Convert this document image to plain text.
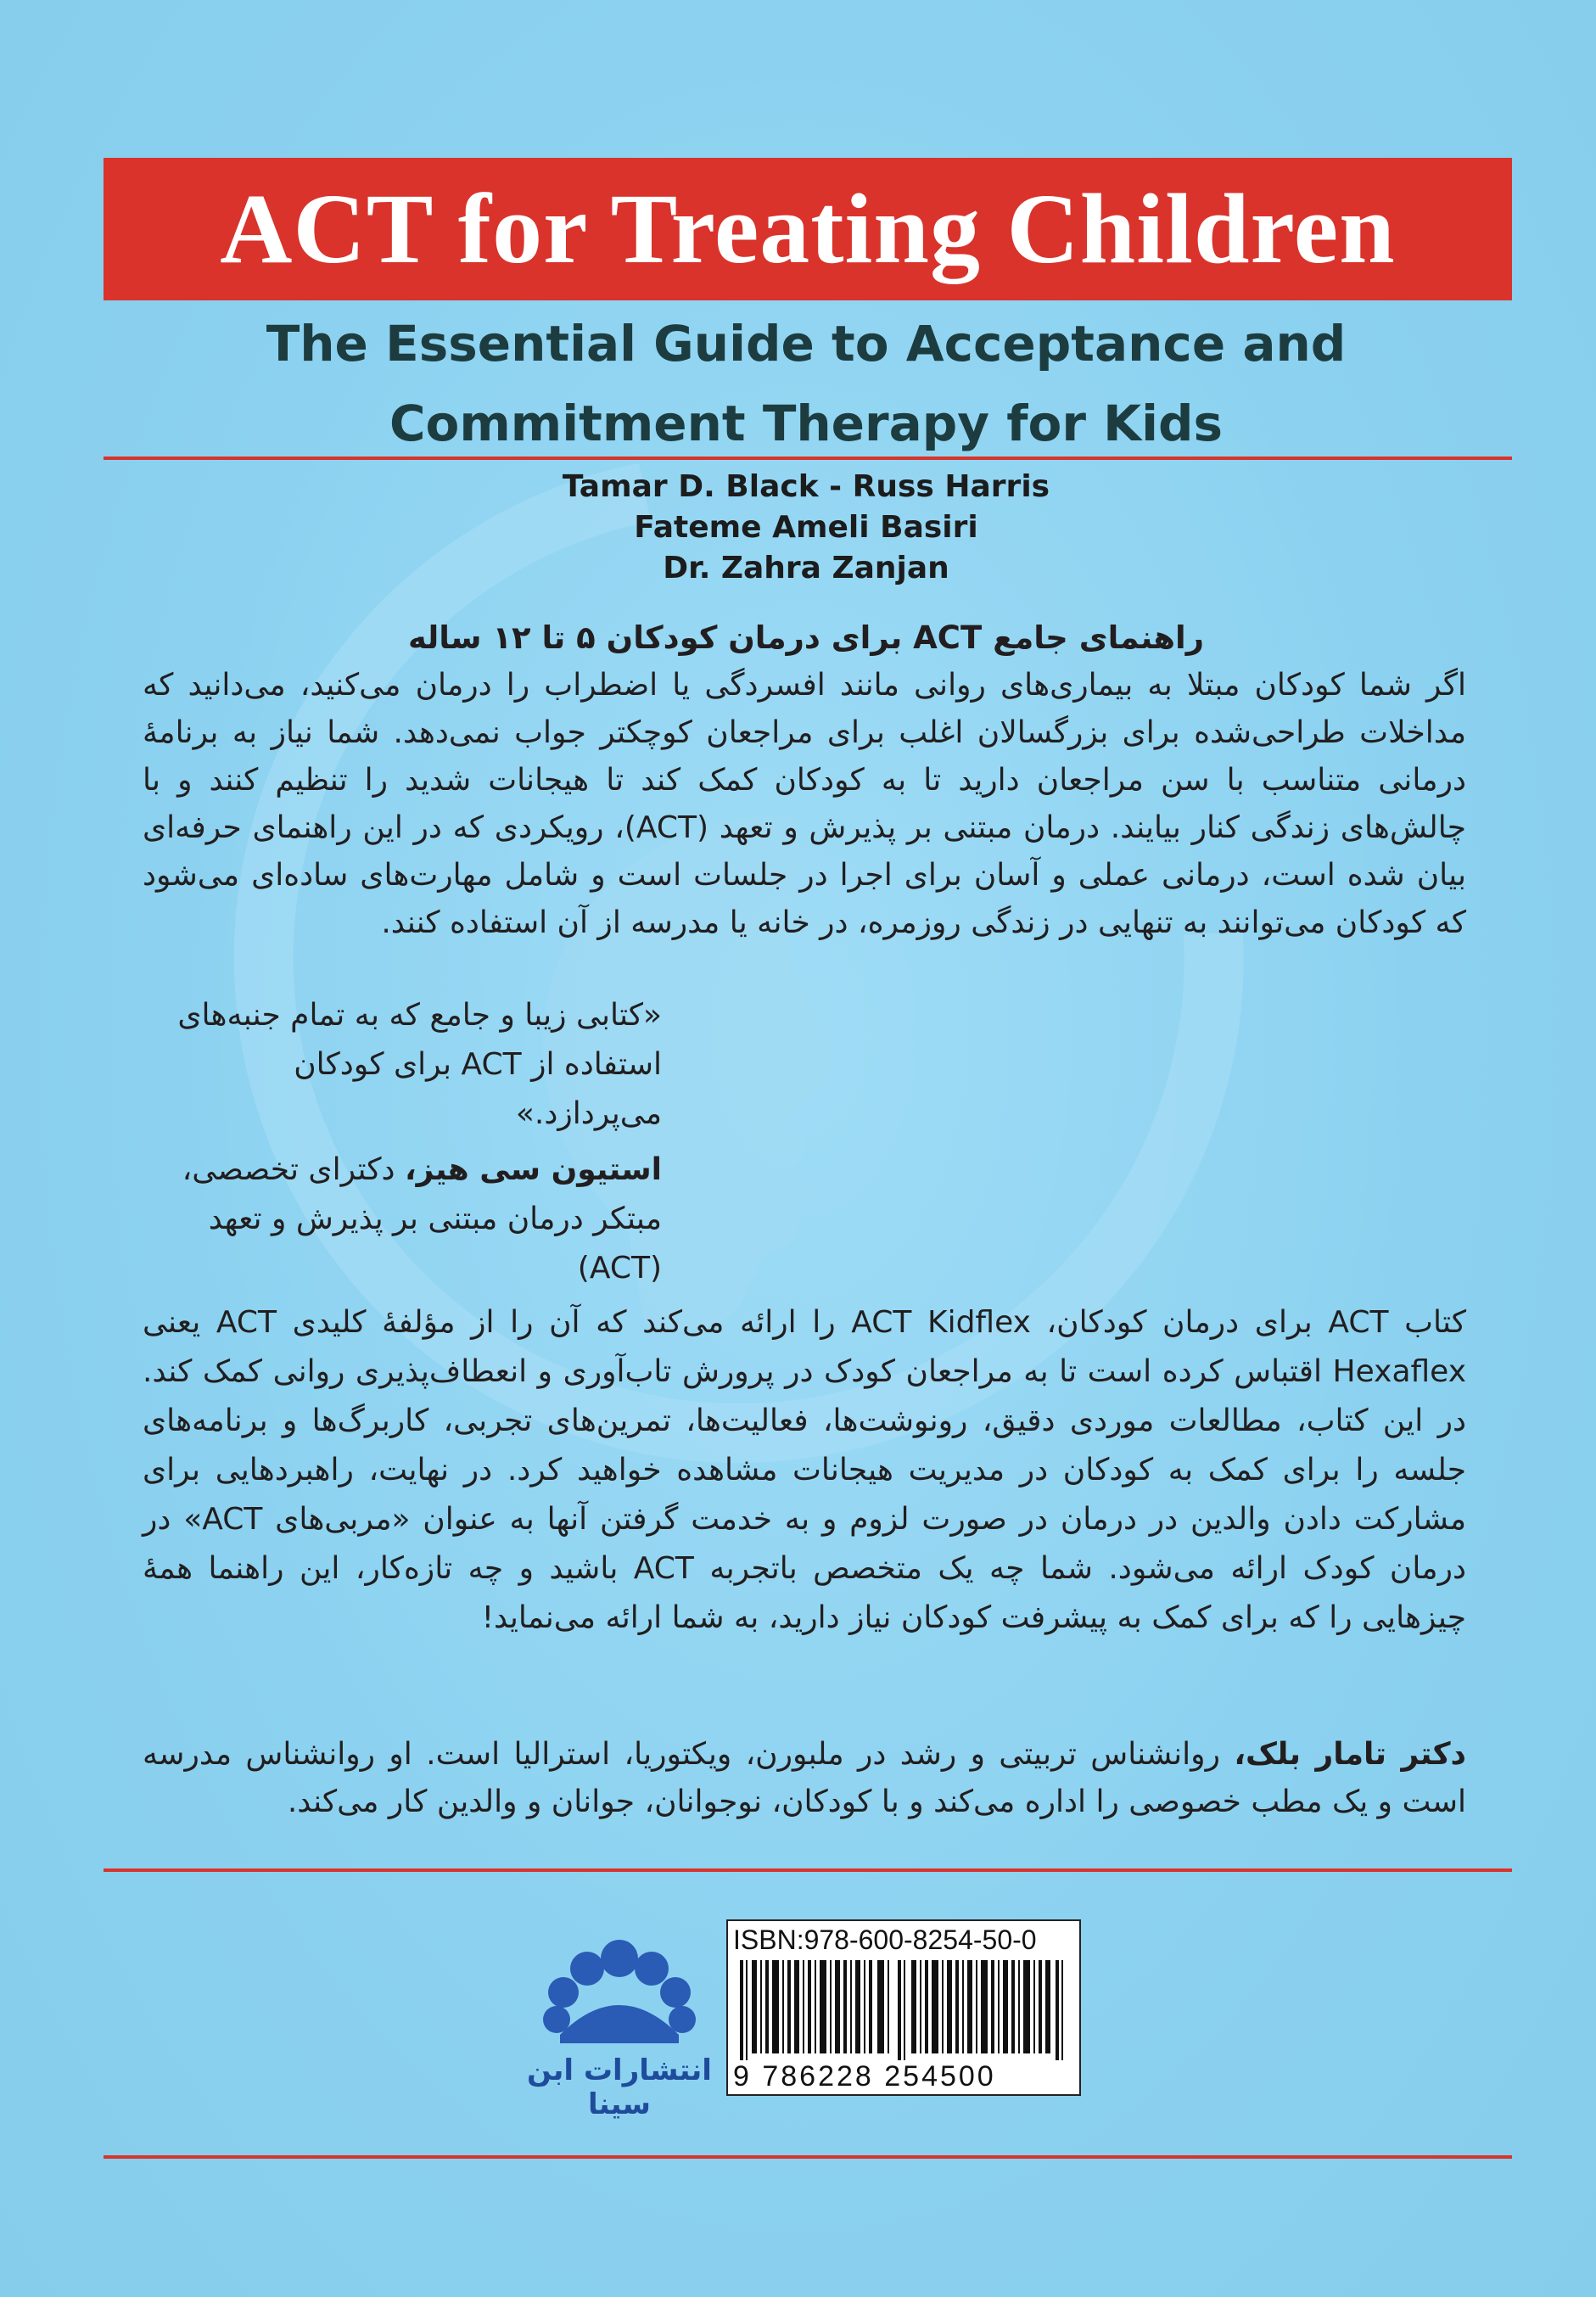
ACT for Treating Children
The Essential Guide to Acceptance and
Commitment Therapy for Kids
Tamar D. Black - Russ Harris
Fateme Ameli Basiri
Dr. Zahra Zanjan
راهنمای جامع ACT برای درمان کودکان ۵ تا ۱۲ ساله
اگر شما کودکان مبتلا به بیماری‌های روانی مانند افسردگی یا اضطراب را درمان می‌کنید، می‌دانید که مداخلات طراحی‌شده برای بزرگسالان اغلب برای مراجعان کوچکتر جواب نمی‌دهد. شما نیاز به برنامهٔ درمانی متناسب با سن مراجعان دارید تا به کودکان کمک کند تا هیجانات شدید را تنظیم کنند و با چالش‌های زندگی کنار بیایند. درمان مبتنی بر پذیرش و تعهد (ACT)، رویکردی که در این راهنمای حرفه‌ای بیان شده است، درمانی عملی و آسان برای اجرا در جلسات است و شامل مهارت‌های ساده‌ای می‌شود که کودکان می‌توانند به تنهایی در زندگی روزمره، در خانه یا مدرسه از آن استفاده کنند.
«کتابی زیبا و جامع که به تمام جنبه‌های استفاده از ACT برای کودکان می‌پردازد.»
استیون سی هیز، دکترای تخصصی، مبتکر درمان مبتنی بر پذیرش و تعهد (ACT)
کتاب ACT برای درمان کودکان، ACT Kidflex را ارائه می‌کند که آن را از مؤلفهٔ کلیدی ACT یعنی Hexaflex اقتباس کرده است تا به مراجعان کودک در پرورش تاب‌آوری و انعطاف‌پذیری روانی کمک کند. در این کتاب، مطالعات موردی دقیق، رونوشت‌ها، فعالیت‌ها، تمرین‌های تجربی، کاربرگ‌ها و برنامه‌های جلسه را برای کمک به کودکان در مدیریت هیجانات مشاهده خواهید کرد. در نهایت، راهبردهایی برای مشارکت دادن والدین در درمان در صورت لزوم و به خدمت گرفتن آنها به عنوان «مربی‌های ACT» در درمان کودک ارائه می‌شود. شما چه یک متخصص باتجربه ACT باشید و چه تازه‌کار، این راهنما همهٔ چیزهایی را که برای کمک به پیشرفت کودکان نیاز دارید، به شما ارائه می‌نماید!
دکتر تامار بلک، روانشناس تربیتی و رشد در ملبورن، ویکتوریا، استرالیا است. او روانشناس مدرسه است و یک مطب خصوصی را اداره می‌کند و با کودکان، نوجوانان، جوانان و والدین کار می‌کند.
انتشارات ابن سینا
ISBN:978-600-8254-50-0
9 786228 254500
